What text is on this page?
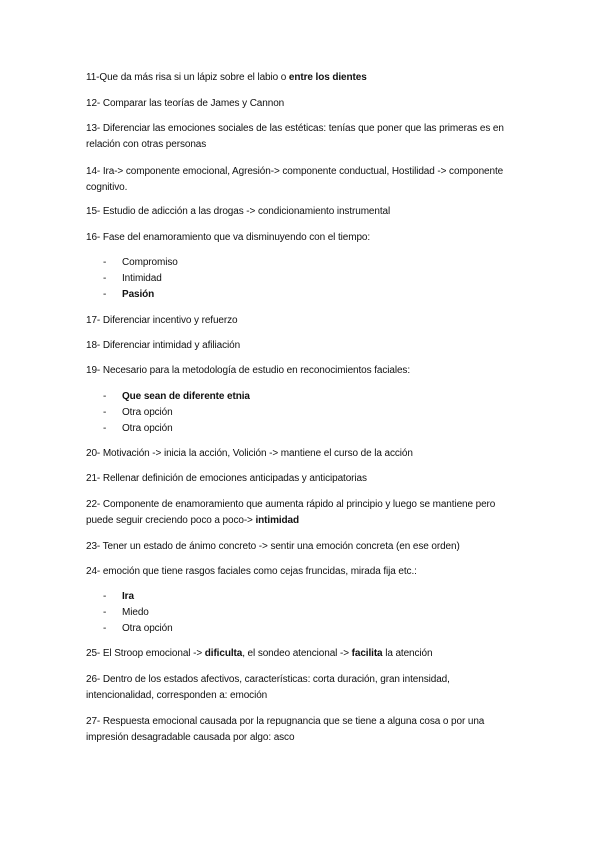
11-Que da más risa si un lápiz sobre el labio o entre los dientes
12- Comparar las teorías de James y Cannon
13- Diferenciar las emociones sociales de las estéticas: tenías que poner que las primeras es en relación con otras personas
14- Ira-> componente emocional, Agresión-> componente conductual, Hostilidad -> componente cognitivo.
15- Estudio de adicción a las drogas -> condicionamiento instrumental
16- Fase del enamoramiento que va disminuyendo con el tiempo:
- Compromiso
- Intimidad
- Pasión
17- Diferenciar incentivo y refuerzo
18- Diferenciar intimidad y afiliación
19- Necesario para la metodología de estudio en reconocimientos faciales:
- Que sean de diferente etnia
- Otra opción
- Otra opción
20- Motivación -> inicia la acción, Volición -> mantiene el curso de la acción
21- Rellenar definición de emociones anticipadas y anticipatorias
22- Componente de enamoramiento que aumenta rápido al principio y luego se mantiene pero puede seguir creciendo poco a poco-> intimidad
23- Tener un estado de ánimo concreto -> sentir una emoción concreta (en ese orden)
24- emoción que tiene rasgos faciales como cejas fruncidas, mirada fija etc.:
- Ira
- Miedo
- Otra opción
25- El Stroop emocional -> dificulta, el sondeo atencional -> facilita la atención
26- Dentro de los estados afectivos, características: corta duración, gran intensidad, intencionalidad, corresponden a: emoción
27- Respuesta emocional causada por la repugnancia que se tiene a alguna cosa o por una impresión desagradable causada por algo: asco
